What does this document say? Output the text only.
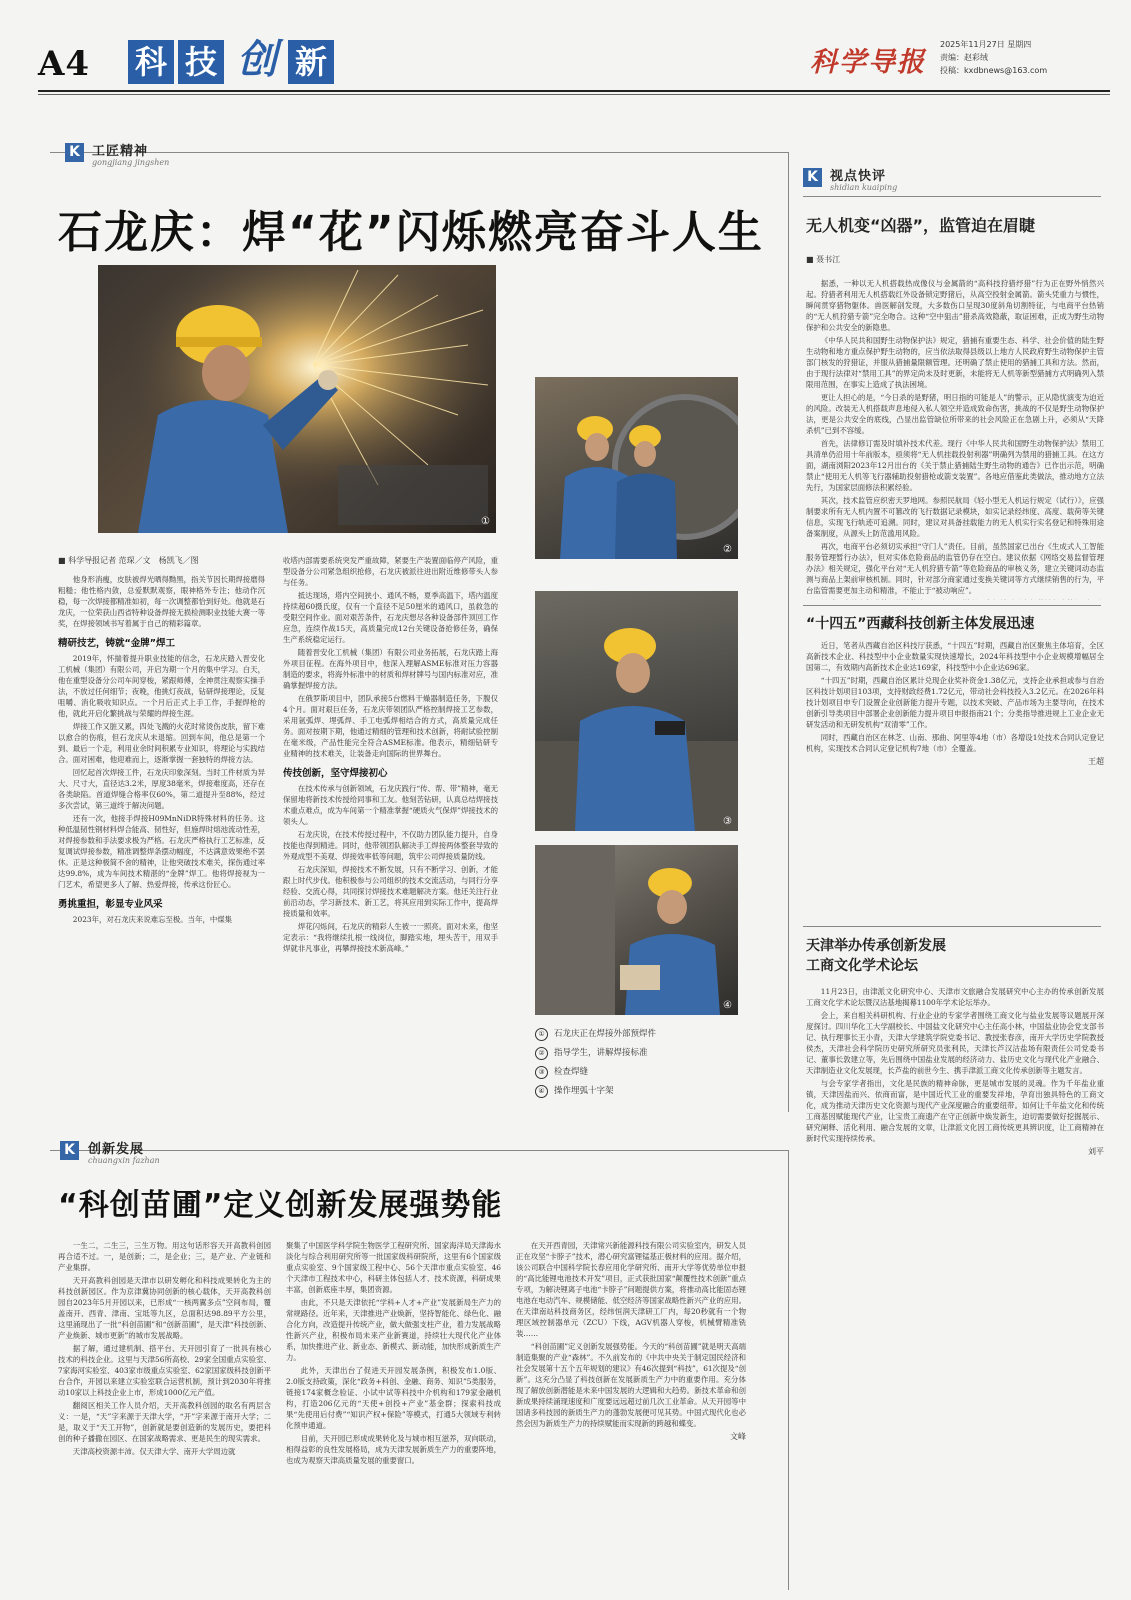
A4 科 技 创 新	科学导报
2025年11月27日 星期四
责编：赵彩绒
投稿：kxdbnews@163.com
K 工匠精神
gongjiang jingshen
石龙庆：焊“花”闪烁燃亮奋斗人生
①
②
③
④
① 石龙庆正在焊接外部预焊件
② 指导学生，讲解焊接标准
③ 检查焊缝
④ 操作埋弧十字架
■ 科学导报记者 范琛／文　杨凯飞／图

他身形消瘦，皮肤被焊光晒得黝黑，指关节因长期焊接磨得粗糙；他性格内敛，总爱默默观察，眼神格外专注；他动作沉稳，每一次焊接都精准如初，每一次调整都恰到好处。他就是石龙庆，一位荣获山西省特种设备焊接无损检测职业技能大赛一等奖，在焊接领域书写着属于自己的精彩篇章。

精研技艺，铸就“金牌”焊工

2019年，怀揣着提升职业技能的信念，石龙庆踏入晋安化工机械（集团）有限公司，开启为期一个月的集中学习。白天，他在重型设备分公司车间穿梭，紧跟师傅，全神贯注观察实操手法，不放过任何细节；夜晚，他挑灯夜战，钻研焊接理论，反复咀嚼、消化吸收知识点。一个月后正式上手工作，手握焊枪的他，就此开启化繁挑战与荣耀的焊接生涯。

焊接工作又脏又累，四处飞溅的火花时常烫伤皮肤，留下难以愈合的伤痕，但石龙庆从未退缩。回到车间，他总是第一个到、最后一个走，利用业余时间积累专业知识，将理论与实践结合。面对困难，他迎难而上，逐渐掌握一套独特的焊接方法。

回忆起首次焊接工件，石龙庆印象深刻。当时工件材质为异大、尺寸大，直径达3.2米，厚度38毫米，焊接难度高，还存在各类缺陷。首道焊缝合格率仅60%，第二道提升至88%，经过多次尝试，第三道终于解决问题。

还有一次，他接手焊接H09MnNiDR特殊材料的任务。这种低温韧性钢材料焊合能高、韧性好，但施焊时熔池流动性差，对焊接参数和手法要求极为严格。石龙庆严格执行工艺标准，反复调试焊接参数，精准调整焊条摆动幅度，不达满意效果绝不罢休。正是这种极简不舍的精神，让他突破技术难关，探伤通过率达99.8%，成为车间技术精湛的“金牌”焊工。他将焊接视为一门艺术，希望更多人了解、热爱焊接，传承这份匠心。

勇挑重担，彰显专业风采

2023年，对石龙庆来说难忘至极。当年，中煤集

收塔内部需要系统突发严重故障，紧要生产装置面临停产风险，重型设备分公司紧急组织抢修，石龙庆被派往进出附近维修带头人参与任务。

抵达现场，塔内空间狭小、通风不畅，夏季高温下，塔内温度持续超60摄氏度，仅有一个直径不足50厘米的通风口，虽救急的受限空间作业。面对艰苦条件，石龙庆想尽各种设备部件顶回工作应急，连续作战15天，高质量完成12台关键设备抢修任务，确保生产系统稳定运行。

随着晋安化工机械（集团）有限公司业务拓展，石龙庆踏上海外项目征程。在海外项目中，他深入理解ASME标准对压力容器制造的要求，将海外标准中的材质和焊材牌号与国内标准对应，准确掌握焊接方法。

在俄罗斯项目中，团队承接5台燃料干燥器制造任务，下腹仅4个月。面对艰巨任务，石龙庆带领团队严格控制焊接工艺参数，采用氩弧焊、埋弧焊、手工电弧焊相结合的方式，高质量完成任务。面对按期下期，他通过精细的管理和技术创新，将耐试验控制在毫米级，产品性能完全符合ASME标准。他表示，精细钻研专业精神的技术难关，让装备走向国际的世界舞台。

传技创新，坚守焊接初心

在技术传承与创新领域，石龙庆践行“传、帮、带”精神，毫无保留地将新技术传授给同事和工友。他刻苦钻研，认真总结焊接技术重点难点，成为车间第一个精准掌握“硬质火气保焊”焊接技术的领头人。

石龙庆说，在技术传授过程中，不仅助力团队能力提升，自身技能也得到精进。同时，他带领团队解决手工焊接两体整套导致的外观成型不美观、焊接效率低等问题，筑牢公司焊接质量防线。

石龙庆深知，焊接技术不断发展，只有不断学习、创新，才能跟上时代步伐。他积极参与公司组织的技术交流活动，与同行分享经验、交流心得，共同探讨焊接技术难题解决方案。他还关注行业前沿动态，学习新技术、新工艺，将其应用到实际工作中，提高焊接质量和效率。

焊花闪烁间，石龙庆的精彩人生被一一照亮。面对未来，他坚定表示：“我将继续扎根一线岗位，脚踏实地，埋头苦干，用双手焊就非凡事业，再攀焊接技术新高峰。”

K 视点快评
shidian kuaiping
无人机变“凶器”，监管迫在眉睫
■ 聂书江

据悉，一种以无人机搭载热成像仪与金属箭的“高科技狩猎纾猎”行为正在野外悄然兴起。狩猎者利用无人机搭载红外设备锁定野猪后，从高空投射金属箭。箭头凭重力与惯性，瞬间贯穿猎物躯体。兽医解剖发现，大多数伤口呈现30度斜角切割特征，与电商平台热销的“无人机狩猎专箭”完全吻合。这种“空中狙击”猎杀高效隐蔽，取证困难，正成为野生动物保护和公共安全的新隐患。

《中华人民共和国野生动物保护法》规定，猎捕有重要生态、科学、社会价值的陆生野生动物和地方重点保护野生动物的，应当依法取得县级以上地方人民政府野生动物保护主管部门核发的狩猎证，并服从猎捕量限额管理。还明确了禁止使用的猎捕工具和方法。然而，由于现行法律对“禁用工具”的界定尚未及时更新，未能将无人机等新型猎捕方式明确列入禁限用范围，在事实上造成了执法困境。

更让人担心的是，“今日杀的是野猪，明日指的可能是人”的警示，正从隐忧演变为迫近的风险。改装无人机搭载声息地侵入私人领空并造成致命伤害，挑战的不仅是野生动物保护法，更是公共安全的底线，凸显出监管缺位所带来的社会风险正在急剧上升，必须从“天降杀机”已到不容缓。

首先，法律修订需及时填补技术代差。现行《中华人民共和国野生动物保护法》禁用工具清单仍沿用十年前版本，亟须将“无人机挂载投射利器”明确列为禁用的猎捕工具。在这方面，湖南浏阳2023年12月出台的《关于禁止猎捕陆生野生动物的通告》已作出示范，明确禁止“使用无人机等飞行器辅助投射猎枪或箭支装置”。各地应借鉴此类做法，推动地方立法先行，为国家层面修法积累经验。

其次，技术监管应织密天罗地网。参照民航局《轻小型无人机运行规定（试行）》，应强制要求所有无人机内置不可篡改的飞行数据记录模块，如实记录经纬度、高度、载荷等关键信息，实现飞行轨迹可追溯。同时，建议对具备挂载能力的无人机实行实名登记和特殊用途备案制度，从源头上防范滥用风险。

再次，电商平台必须切实承担“守门人”责任。目前，虽然国家已出台《生成式人工智能服务管理暂行办法》，但对实体危险商品的监管仍存在空白。建议依据《网络交易监督管理办法》相关规定，强化平台对“无人机狩猎专箭”等危险商品的审核义务，建立关键词动态监测与商品上架前审核机制。同时，针对部分商家通过变换关键词等方式继续销售的行为，平台监管需要更加主动和精准，不能止于“被动响应”。

“十四五”西藏科技创新主体发展迅速

近日，笔者从西藏自治区科技厅获悉，“十四五”时期，西藏自治区聚焦主体培育，全区高新技术企业、科技型中小企业数量实现快速增长，2024年科技型中小企业规模增幅居全国第二，有效期内高新技术企业达169家，科技型中小企业达696家。

“十四五”时期，西藏自治区累计兑现企业奖补资金1.38亿元，支持企业承担或参与自治区科技计划项目103项，支持财政经费1.72亿元，带动社会科技投入3.2亿元。在2026年科技计划项目申专门设置企业创新能力提升专题，以技术突破、产品市场为主要导向，在技术创新引导类项目中部署企业创新能力提升项目申报指南21个；分类指导推进规上工业企业无研发活动和无研发机构“双清零”工作。

同时，西藏自治区在林芝、山南、那曲、阿里等4地（市）各增设1处技术合同认定登记机构，实现技术合同认定登记机构7地（市）全覆盖。

王超
天津举办传承创新发展
工商文化学术论坛

11月23日，由津派文化研究中心、天津市文旅融合发展研究中心主办的传承创新发展工商文化学术论坛暨汉沽基地揭幕1100年学术论坛举办。

会上，来自相关科研机构、行业企业的专家学者围绕工商文化与盐业发展等议题展开深度探讨。四川华化工大学副校长、中国盐文化研究中心主任高小林，中国盐业协会党支部书记、执行理事长王小青，天津大学建筑学院党委书记、教授张春彦，南开大学历史学院教授侯杰，天津社会科学院历史研究所研究员张利民，天津长芦汉沽盐场有限责任公司党委书记、董事长敦建立等，先后围绕中国盐业发展的经济动力、盐历史文化与现代化产业融合、天津制造业文化发展现，长芦盐的前世今生、携手津派工商文化传承创新等主题发言。

与会专家学者指出，文化是民族的精神命脉，更是城市发展的灵魂。作为千年盐业重镇，天津因盐而兴、依商而富，是中国近代工业的重要发祥地，孕育出独具特色的工商文化，成为推动天津历史文化资源与现代产业深度融合的重要纽带。如何让千年盐文化和传统工商基因赋能现代产业，让宝贵工商遗产在守正创新中焕发新生，迫切需要做好挖掘展示、研究阐释、活化利用、融合发展的文章，让津派文化因工商传统更具辨识度，让工商精神在新时代实现持续传承。

刘平
K	创新发展
chuangxin fazhan
“科创苗圃”定义创新发展强势能

一生二，二生三，三生万物。用这句话形容天开高教科创园再合适不过。一，是创新；二，是企业；三，是产业、产业链和产业集群。

天开高教科创园是天津市以研发孵化和科技成果转化为主的科技创新园区。作为京津冀协同创新的核心载体，天开高教科创园自2023年5月开园以来，已形成“一核两翼多点”空间布局，覆盖南开、西青、津南、宝坻等九区，总面积达98.89平方公里，这里涌现出了一批“科创苗圃”和“创新苗圃”，是天津“科技创新、产业焕新、城市更新”的城市发展战略。

据了解，通过建机制、搭平台、天开园引育了一批具有核心技术的科技企业。这里与天津56所高校、29家全国重点实验室、7家海河实验室、403家市级重点实验室、62家国家级科技创新平台合作，开园以来建立实验室联合运营机制，预计到2030年将推动10家以上科技企业上市，形成1000亿元产值。

翻阅区相关工作人员介绍，天开高教科创园的取名有两层含义：一是，“天”字来源于天津大学，“开”字来源于南开大学；二是，取义于“天工开物”，创新就是要创造新的发展历史，要把科创的种子播撒在园区、在国家战略需求、更是民生的现实需求。

天津高校资源丰沛。仅天津大学、南开大学周边就

聚集了中国医学科学院生物医学工程研究所、国家海洋局天津海水淡化与综合利用研究所等一批国家级科研院所，这里有6个国家级重点实验室、9个国家级工程中心、56个天津市重点实验室、46个天津市工程技术中心，科研主体包括人才、技术资源，科研成果丰富，创新底座丰厚，集团资源。

由此，不只是天津依托“学科+人才+产业”发展新局生产力的常规路径。近年来，天津推进产业焕新，坚持智能化、绿色化、融合化方向，改造提升传统产业，做大做强支柱产业，着力发展战略性新兴产业，积极布局未来产业新赛道，持续壮大现代化产业体系，加快推进产业、新业态、新模式、新动能，加快形成新质生产力。

此外，天津出台了促进天开园发展条例，积极发布1.0版、2.0版支持政策，深化“政务+科创、金融、商务、知识”5类服务，链接174家概念验证、小试中试等科技中介机构和179家金融机构，打造206亿元的“天使+创投+产业”基金群；探索科技成果“先使用后付费”“知识产权+保险”等模式，打通5大领域专利转化预申通道。

目前，天开园已形成成果转化及与城市相互滋养，双向联动，相得益彰的良性发展格局，成为天津发展新质生产力的重要阵地，也成为观察天津高质量发展的重要窗口。

在天开西青园，天津常兴新能源科技有限公司实验室内，研发人员正在攻坚“卡脖子”技术，潜心研究富锂锰基正极材料的应用。据介绍，该公司联合中国科学院长春应用化学研究所、南开大学等优势单位申报的“高比能锂电池技术开发”项目，正式获批国家“颠覆性技术创新”重点专项，为解决锂离子电池“卡脖子”问题提供方案，将推动高比能固态锂电池在电动汽车、规模储能、低空经济等国家战略性新兴产业的应用。在天津南站科技商务区，经纬恒润天津研工厂内，每20秒就有一个物理区域控制器单元（ZCU）下线，AGV机器人穿梭，机械臂精准铣装……

“科创苗圃”定义创新发展强势能。今天的“科创苗圃”就是明天高端制造集聚的产业“森林”。不久前发布的《中共中央关于制定国民经济和社会发展第十五个五年规划的建议》有46次提到“科技”，61次提及“创新”。这充分凸显了科技创新在发展新质生产力中的重要作用。充分体现了解放创新潜能是未来中国发展的大逻辑和大趋势。新技术革命和创新成果持续涌现速度和广度要远远超过前几次工业革命。从天开园等中国诸多科技园的新质生产力的蓬勃发展便可见其势。中国式现代化也必然会因为新质生产力的持续赋能而实现新的跨越和蝶变。

文峰
